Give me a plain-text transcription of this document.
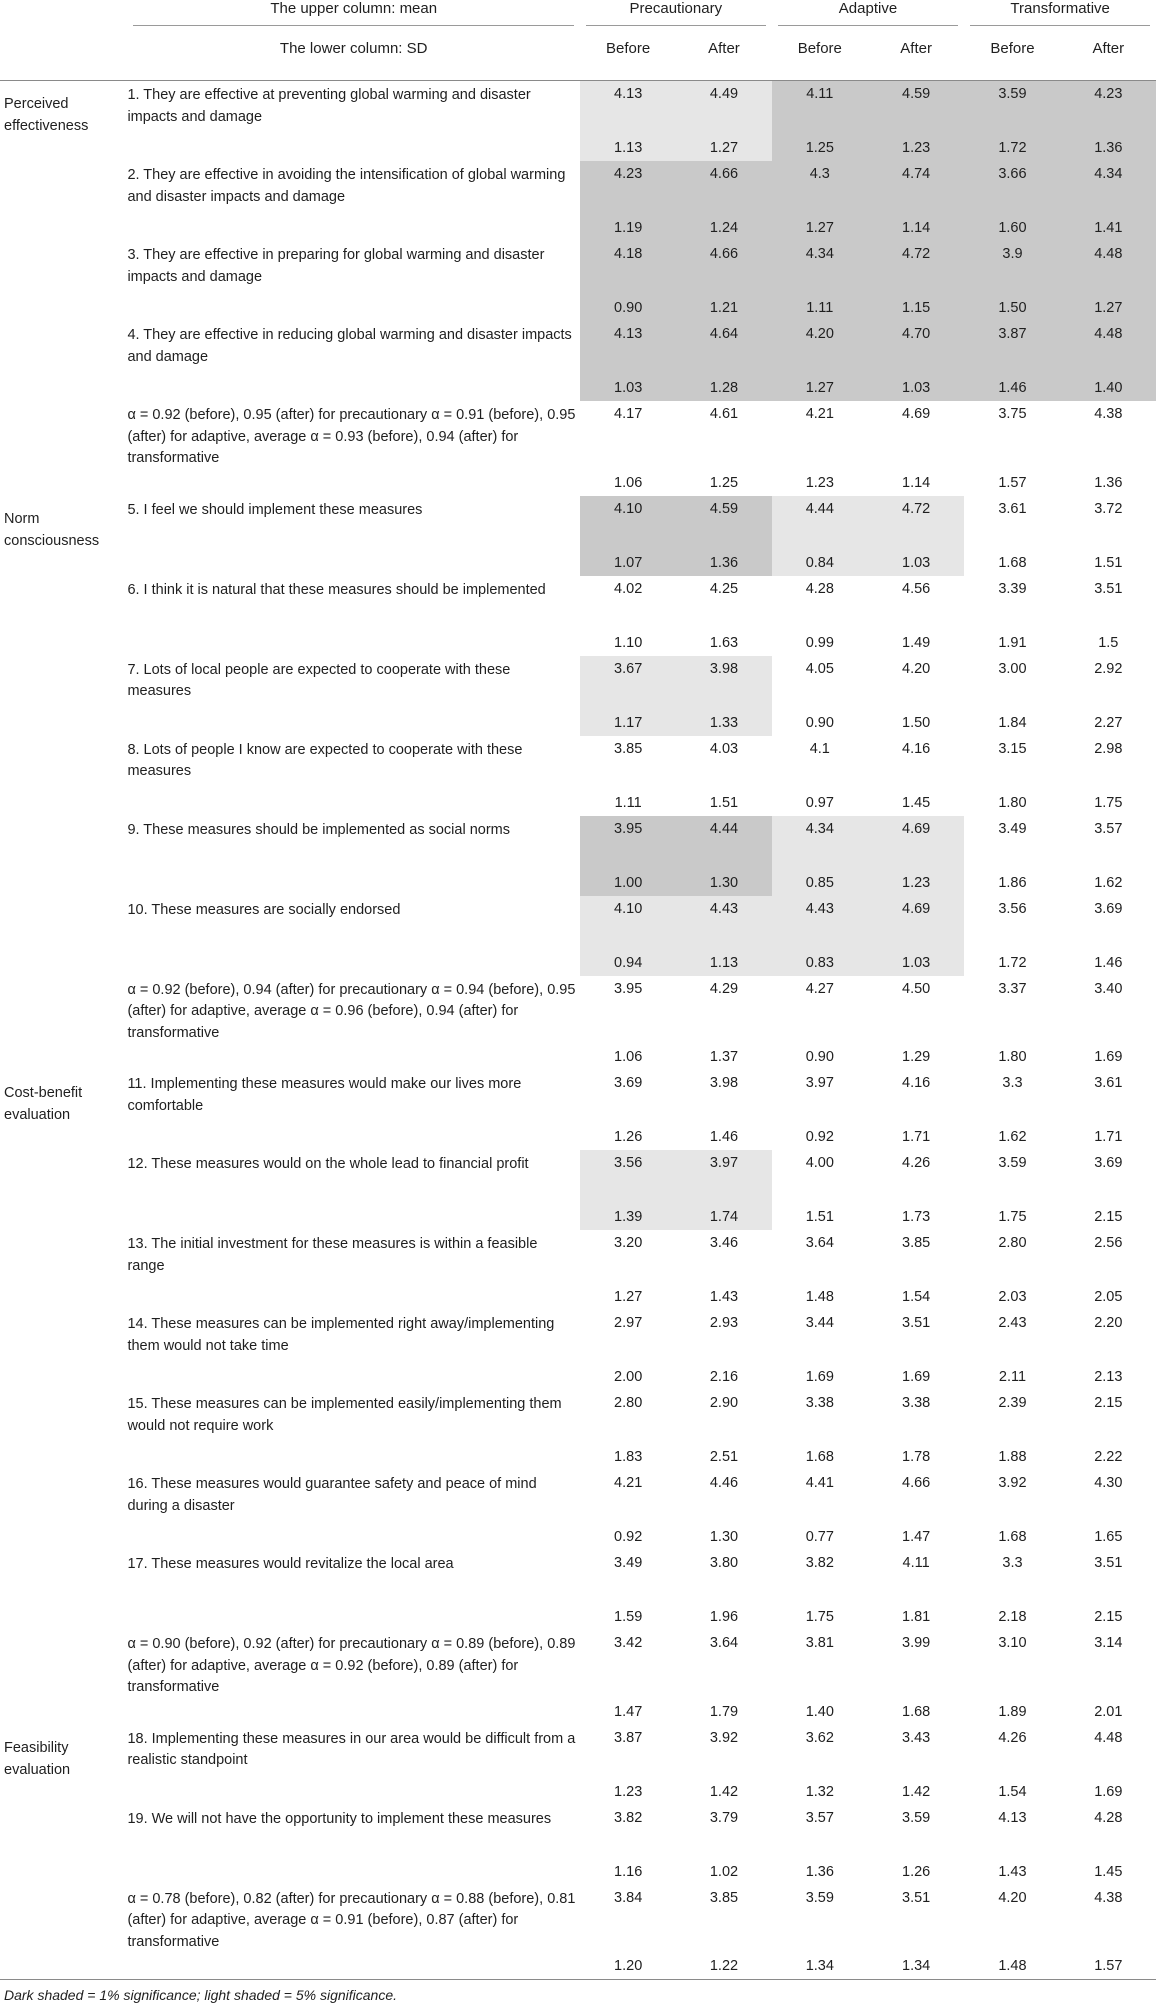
	The upper column: mean	Precautionary		Adaptive		Transformative	

	The lower column: SD	Before	After	Before	After	Before	After
Perceived effectiveness	1. They are effective at preventing global warming and disaster impacts and damage	4.13	4.49	4.11	4.59	3.59	4.23
		1.13	1.27	1.25	1.23	1.72	1.36
	2. They are effective in avoiding the intensification of global warming and disaster impacts and damage	4.23	4.66	4.3	4.74	3.66	4.34
		1.19	1.24	1.27	1.14	1.60	1.41
	3. They are effective in preparing for global warming and disaster impacts and damage	4.18	4.66	4.34	4.72	3.9	4.48
		0.90	1.21	1.11	1.15	1.50	1.27
	4. They are effective in reducing global warming and disaster impacts and damage	4.13	4.64	4.20	4.70	3.87	4.48
		1.03	1.28	1.27	1.03	1.46	1.40
	α = 0.92 (before), 0.95 (after) for precautionary α = 0.91 (before), 0.95 (after) for adaptive, average α = 0.93 (before), 0.94 (after) for transformative	4.17	4.61	4.21	4.69	3.75	4.38
		1.06	1.25	1.23	1.14	1.57	1.36
Norm consciousness	5. I feel we should implement these measures	4.10	4.59	4.44	4.72	3.61	3.72
		1.07	1.36	0.84	1.03	1.68	1.51
	6. I think it is natural that these measures should be implemented	4.02	4.25	4.28	4.56	3.39	3.51
		1.10	1.63	0.99	1.49	1.91	1.5
	7. Lots of local people are expected to cooperate with these measures	3.67	3.98	4.05	4.20	3.00	2.92
		1.17	1.33	0.90	1.50	1.84	2.27
	8. Lots of people I know are expected to cooperate with these measures	3.85	4.03	4.1	4.16	3.15	2.98
		1.11	1.51	0.97	1.45	1.80	1.75
	9. These measures should be implemented as social norms	3.95	4.44	4.34	4.69	3.49	3.57
		1.00	1.30	0.85	1.23	1.86	1.62
	10. These measures are socially endorsed	4.10	4.43	4.43	4.69	3.56	3.69
		0.94	1.13	0.83	1.03	1.72	1.46
	α = 0.92 (before), 0.94 (after) for precautionary α = 0.94 (before), 0.95 (after) for adaptive, average α = 0.96 (before), 0.94 (after) for transformative	3.95	4.29	4.27	4.50	3.37	3.40
		1.06	1.37	0.90	1.29	1.80	1.69
Cost-benefit evaluation	11. Implementing these measures would make our lives more comfortable	3.69	3.98	3.97	4.16	3.3	3.61
		1.26	1.46	0.92	1.71	1.62	1.71
	12. These measures would on the whole lead to financial profit	3.56	3.97	4.00	4.26	3.59	3.69
		1.39	1.74	1.51	1.73	1.75	2.15
	13. The initial investment for these measures is within a feasible range	3.20	3.46	3.64	3.85	2.80	2.56
		1.27	1.43	1.48	1.54	2.03	2.05
	14. These measures can be implemented right away/implementing them would not take time	2.97	2.93	3.44	3.51	2.43	2.20
		2.00	2.16	1.69	1.69	2.11	2.13
	15. These measures can be implemented easily/implementing them would not require work	2.80	2.90	3.38	3.38	2.39	2.15
		1.83	2.51	1.68	1.78	1.88	2.22
	16. These measures would guarantee safety and peace of mind during a disaster	4.21	4.46	4.41	4.66	3.92	4.30
		0.92	1.30	0.77	1.47	1.68	1.65
	17. These measures would revitalize the local area	3.49	3.80	3.82	4.11	3.3	3.51
		1.59	1.96	1.75	1.81	2.18	2.15
	α = 0.90 (before), 0.92 (after) for precautionary α = 0.89 (before), 0.89 (after) for adaptive, average α = 0.92 (before), 0.89 (after) for transformative	3.42	3.64	3.81	3.99	3.10	3.14
		1.47	1.79	1.40	1.68	1.89	2.01
Feasibility evaluation	18. Implementing these measures in our area would be difficult from a realistic standpoint	3.87	3.92	3.62	3.43	4.26	4.48
		1.23	1.42	1.32	1.42	1.54	1.69
	19. We will not have the opportunity to implement these measures	3.82	3.79	3.57	3.59	4.13	4.28
		1.16	1.02	1.36	1.26	1.43	1.45
	α = 0.78 (before), 0.82 (after) for precautionary α = 0.88 (before), 0.81 (after) for adaptive, average α = 0.91 (before), 0.87 (after) for transformative	3.84	3.85	3.59	3.51	4.20	4.38
		1.20	1.22	1.34	1.34	1.48	1.57
Dark shaded = 1% significance; light shaded = 5% significance.
